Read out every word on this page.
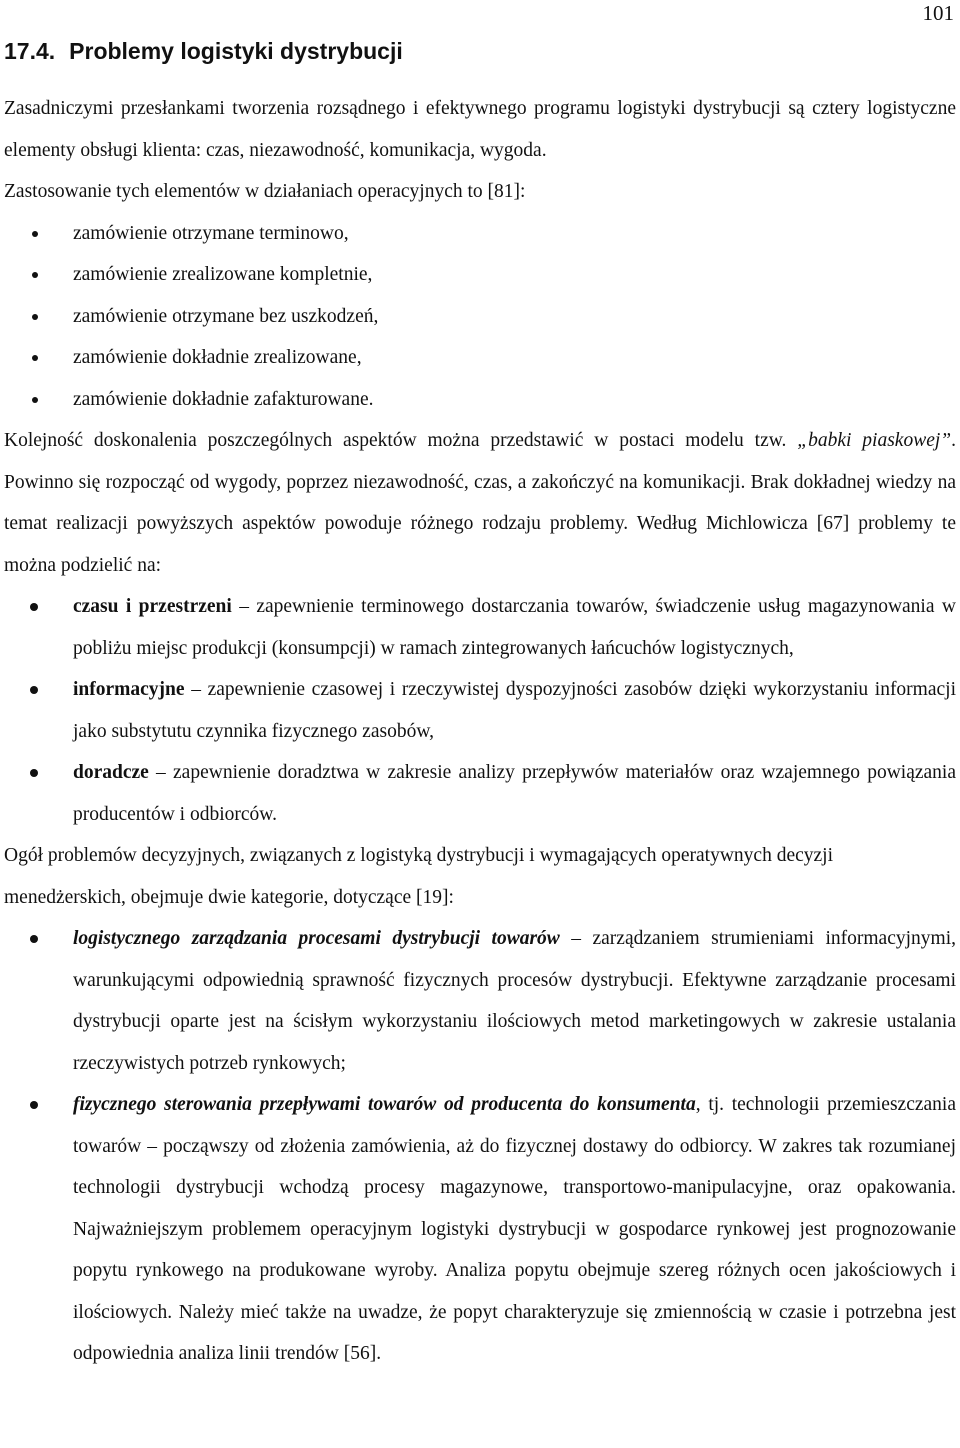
101
17.4. Problemy logistyki dystrybucji

Zasadniczymi przesłankami tworzenia rozsądnego i efektywnego programu logistyki dystrybucji są cztery logistyczne elementy obsługi klienta: czas, niezawodność, komunikacja, wygoda.

Zastosowanie tych elementów w działaniach operacyjnych to [81]:

zamówienie otrzymane terminowo,
zamówienie zrealizowane kompletnie,
zamówienie otrzymane bez uszkodzeń,
zamówienie dokładnie zrealizowane,
zamówienie dokładnie zafakturowane.

Kolejność doskonalenia poszczególnych aspektów można przedstawić w postaci modelu tzw. „babki piaskowej”. Powinno się rozpocząć od wygody, poprzez niezawodność, czas, a zakończyć na komunikacji. Brak dokładnej wiedzy na temat realizacji powyższych aspektów powoduje różnego rodzaju problemy. Według Michlowicza [67] problemy te można podzielić na:

czasu i przestrzeni – zapewnienie terminowego dostarczania towarów, świadczenie usług magazynowania w pobliżu miejsc produkcji (konsumpcji) w ramach zintegrowanych łańcuchów logistycznych,
informacyjne – zapewnienie czasowej i rzeczywistej dyspozyjności zasobów dzięki wykorzystaniu informacji jako substytutu czynnika fizycznego zasobów,
doradcze – zapewnienie doradztwa w zakresie analizy przepływów materiałów oraz wzajemnego powiązania producentów i odbiorców.

Ogół problemów decyzyjnych, związanych z logistyką dystrybucji i wymagających operatywnych decyzji menedżerskich, obejmuje dwie kategorie, dotyczące [19]:

logistycznego zarządzania procesami dystrybucji towarów – zarządzaniem strumieniami informacyjnymi, warunkującymi odpowiednią sprawność fizycznych procesów dystrybucji. Efektywne zarządzanie procesami dystrybucji oparte jest na ścisłym wykorzystaniu ilościowych metod marketingowych w zakresie ustalania rzeczywistych potrzeb rynkowych;
fizycznego sterowania przepływami towarów od producenta do konsumenta, tj. technologii przemieszczania towarów – począwszy od złożenia zamówienia, aż do fizycznej dostawy do odbiorcy. W zakres tak rozumianej technologii dystrybucji wchodzą procesy magazynowe, transportowo-manipulacyjne, oraz opakowania. Najważniejszym problemem operacyjnym logistyki dystrybucji w gospodarce rynkowej jest prognozowanie popytu rynkowego na produkowane wyroby. Analiza popytu obejmuje szereg różnych ocen jakościowych i ilościowych. Należy mieć także na uwadze, że popyt charakteryzuje się zmiennością w czasie i potrzebna jest odpowiednia analiza linii trendów [56].
